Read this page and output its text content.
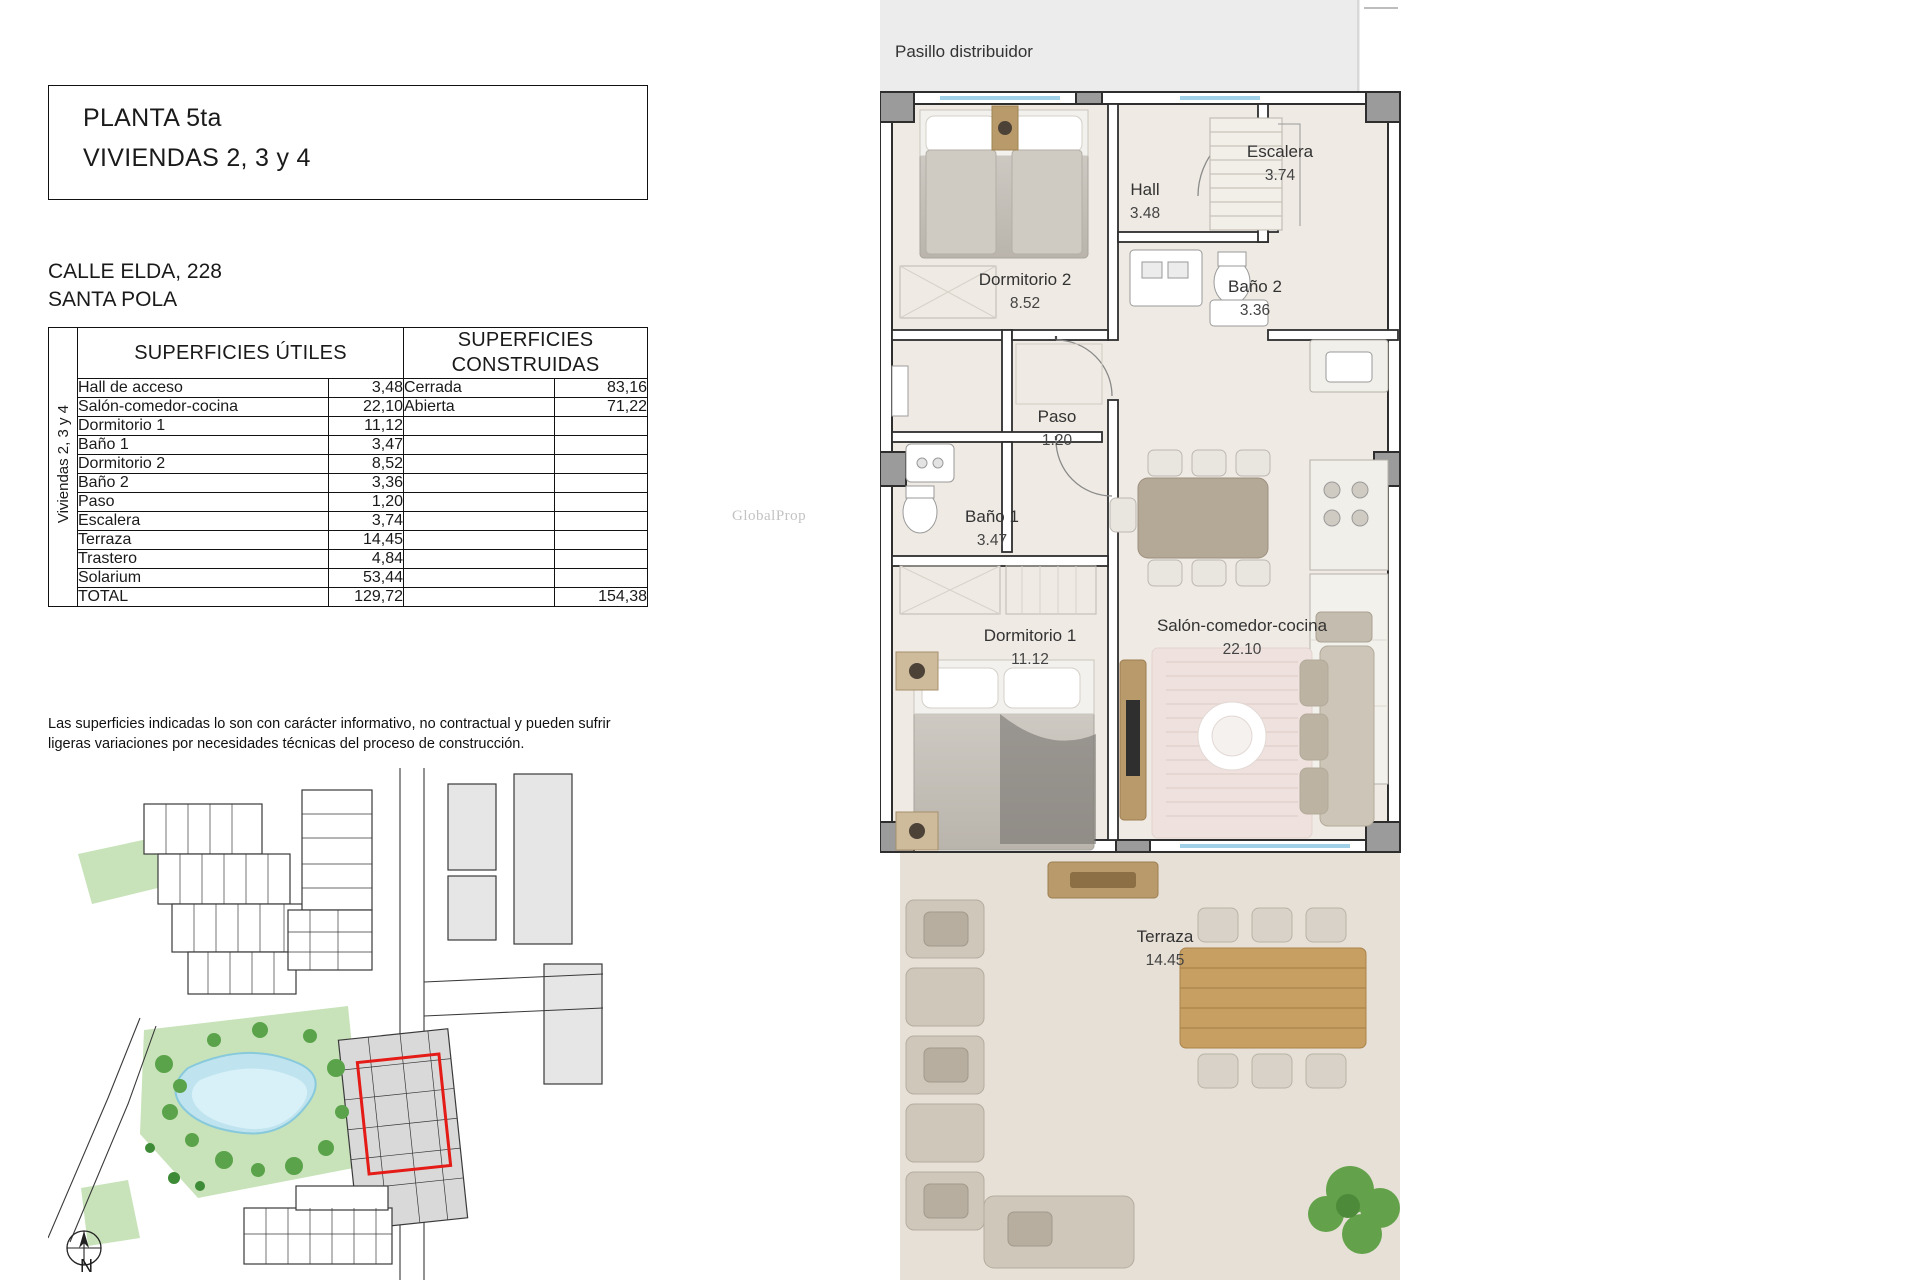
PLANTA 5ta
VIVIENDAS 2, 3 y 4
CALLE ELDA, 228
SANTA POLA
Viviendas 2, 3 y 4	SUPERFICIES ÚTILES		SUPERFICIES
CONSTRUIDAS	
	Hall de acceso	3,48	Cerrada	83,16
	Salón-comedor-cocina	22,10	Abierta	71,22
	Dormitorio 1	11,12		
	Baño 1	3,47		
	Dormitorio 2	8,52		
	Baño 2	3,36		
	Paso	1,20		
	Escalera	3,74		
	Terraza	14,45		
	Trastero	4,84		
	Solarium	53,44		
	TOTAL	129,72		154,38
Las superficies indicadas lo son con carácter informativo, no contractual y pueden sufrir ligeras variaciones por necesidades técnicas del proceso de construcción.
N
Pasillo distribuidor
GlobalProp
Dormitorio 2
8.52
Hall
3.48
Escalera
3.74
Baño 2
3.36
Paso
1.20
Baño 1
3.47
Dormitorio 1
11.12
Salón-comedor-cocina
22.10
Terraza
14.45
